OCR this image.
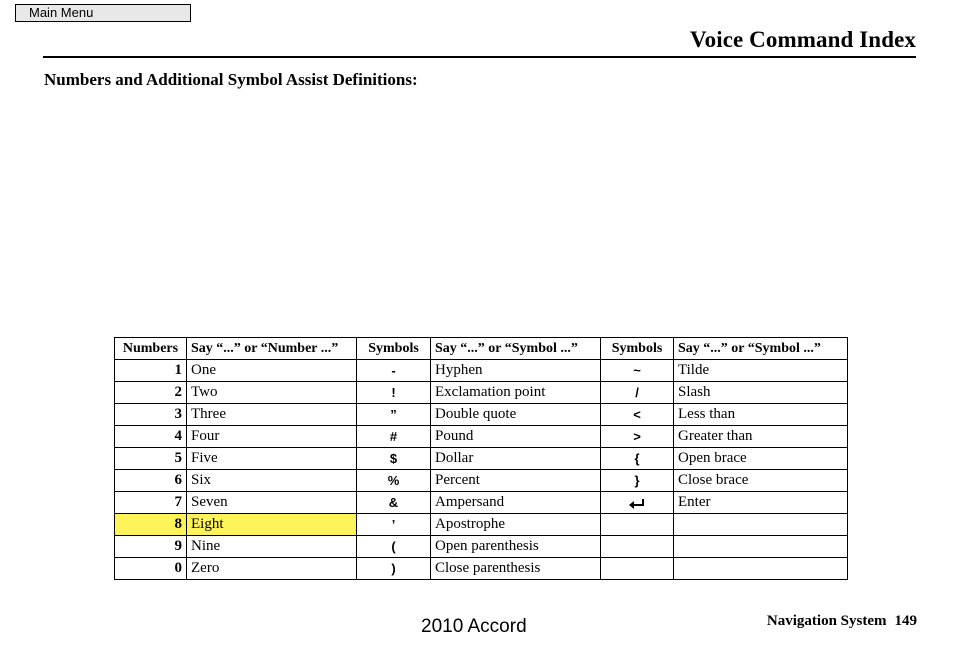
Main Menu
Voice Command Index
Numbers and Additional Symbol Assist Definitions:
Numbers	Say “...” or “Number ...”	Symbols	Say “...” or “Symbol ...”	Symbols	Say “...” or “Symbol ...”
1	One	-	Hyphen	~	Tilde
2	Two	!	Exclamation point	/	Slash
3	Three	”	Double quote	<	Less than
4	Four	#	Pound	>	Greater than
5	Five	$	Dollar	{	Open brace
6	Six	%	Percent	}	Close brace
7	Seven	&	Ampersand		Enter
8	Eight	’	Apostrophe		
9	Nine	(	Open parenthesis		
0	Zero	)	Close parenthesis		
Navigation System 149
2010 Accord
